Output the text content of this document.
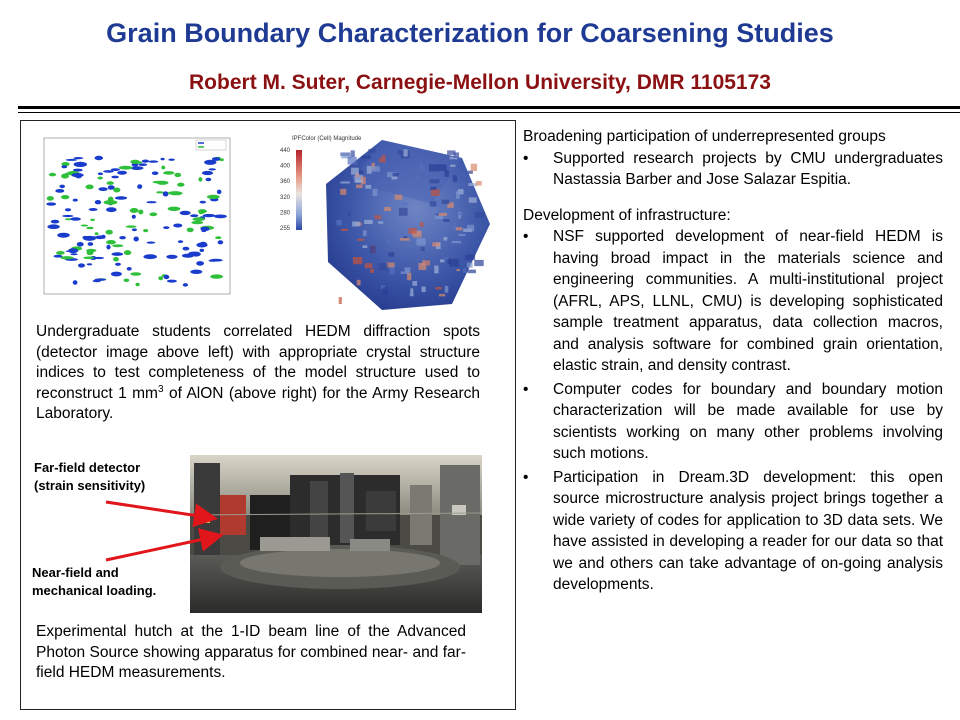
Grain Boundary Characterization for Coarsening Studies
Robert M. Suter, Carnegie-Mellon University, DMR 1105173
IPFColor (Cell) Magnitude
440
400
360
320
280
255
Undergraduate students correlated HEDM diffraction spots (detector image above left) with appropriate crystal structure indices to test completeness of the model structure used to reconstruct 1 $mm^3$ of AlON (above right) for the Army Research Laboratory.
Far-field detector
(strain sensitivity)
Near-field and
mechanical loading.
Experimental hutch at the 1-ID beam line of the Advanced Photon Source showing apparatus for combined near- and far-field HEDM measurements.

Broadening participation of underrepresented groups

• Supported research projects by CMU undergraduates Nastassia Barber and Jose Salazar Espitia.

Development of infrastructure:

• NSF supported development of near-field HEDM is having broad impact in the materials science and engineering communities. A multi-institutional project (AFRL, APS, LLNL, CMU) is developing sophisticated sample treatment apparatus, data collection macros, and analysis software for combined grain orientation, elastic strain, and density contrast.
• Computer codes for boundary and boundary motion characterization will be made available for use by scientists working on many other problems involving such motions.
• Participation in Dream.3D development: this open source microstructure analysis project brings together a wide variety of codes for application to 3D data sets. We have assisted in developing a reader for our data so that we and others can take advantage of on-going analysis developments.
